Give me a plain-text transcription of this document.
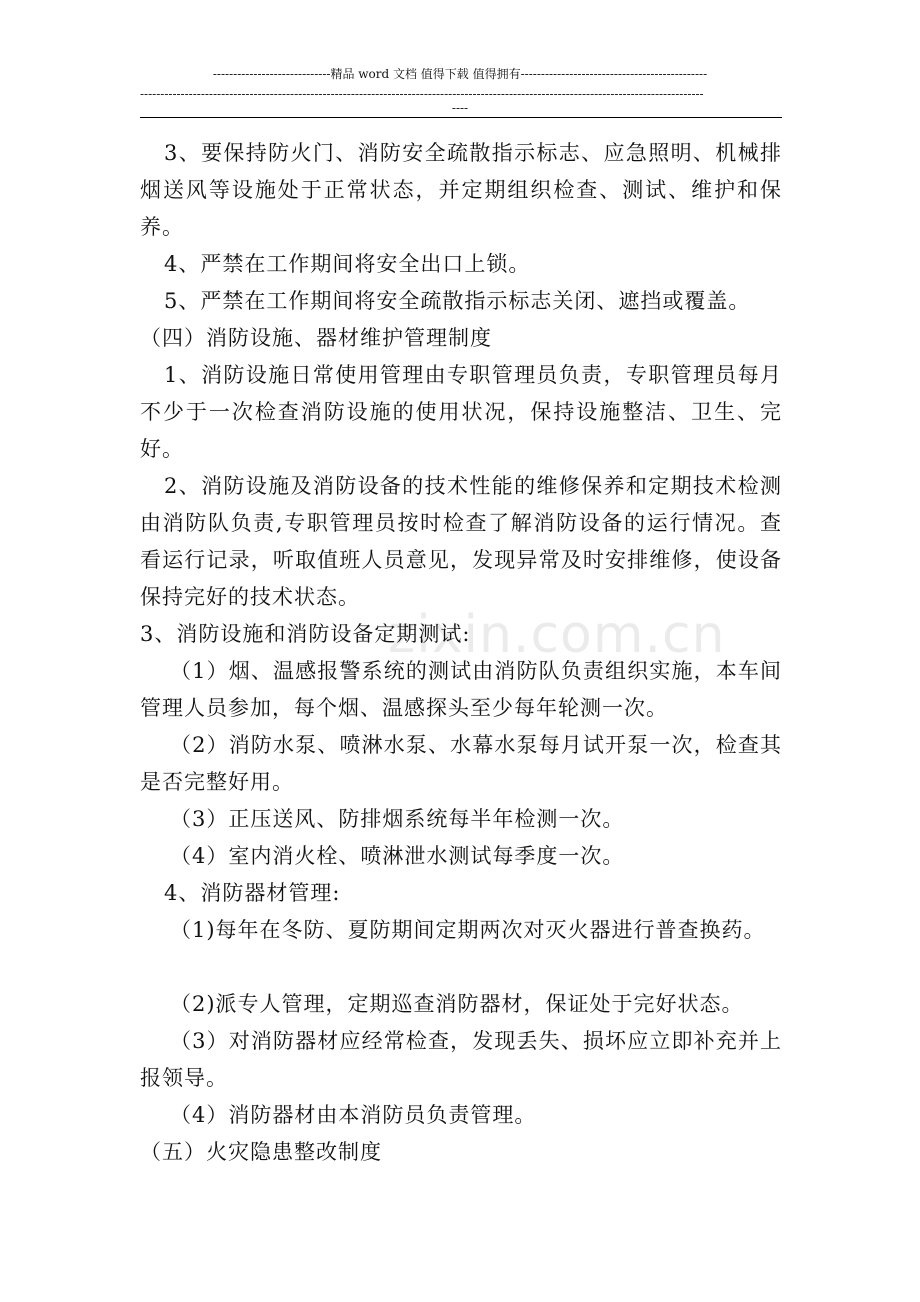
-----------------------------精品 word 文档 值得下载 值得拥有----------------------------------------------
-------------------------------------------------------------------------------------------------------------------------------------------
----

3、要保持防火门、消防安全疏散指示标志、应急照明、机械排烟送风等设施处于正常状态，并定期组织检查、测试、维护和保养。

4、严禁在工作期间将安全出口上锁。

5、严禁在工作期间将安全疏散指示标志关闭、遮挡或覆盖。

（四）消防设施、器材维护管理制度

1、消防设施日常使用管理由专职管理员负责，专职管理员每月不少于一次检查消防设施的使用状况，保持设施整洁、卫生、完好。

2、消防设施及消防设备的技术性能的维修保养和定期技术检测由消防队负责,专职管理员按时检查了解消防设备的运行情况。查看运行记录，听取值班人员意见，发现异常及时安排维修，使设备保持完好的技术状态。

3、消防设施和消防设备定期测试:

（1）烟、温感报警系统的测试由消防队负责组织实施，本车间管理人员参加，每个烟、温感探头至少每年轮测一次。

（2）消防水泵、喷淋水泵、水幕水泵每月试开泵一次，检查其是否完整好用。

（3）正压送风、防排烟系统每半年检测一次。

（4）室内消火栓、喷淋泄水测试每季度一次。

4、消防器材管理:

（1)每年在冬防、夏防期间定期两次对灭火器进行普查换药。

（2)派专人管理，定期巡查消防器材，保证处于完好状态。

（3）对消防器材应经常检查，发现丢失、损坏应立即补充并上报领导。

（4）消防器材由本消防员负责管理。

（五）火灾隐患整改制度

zixin.com.cn
